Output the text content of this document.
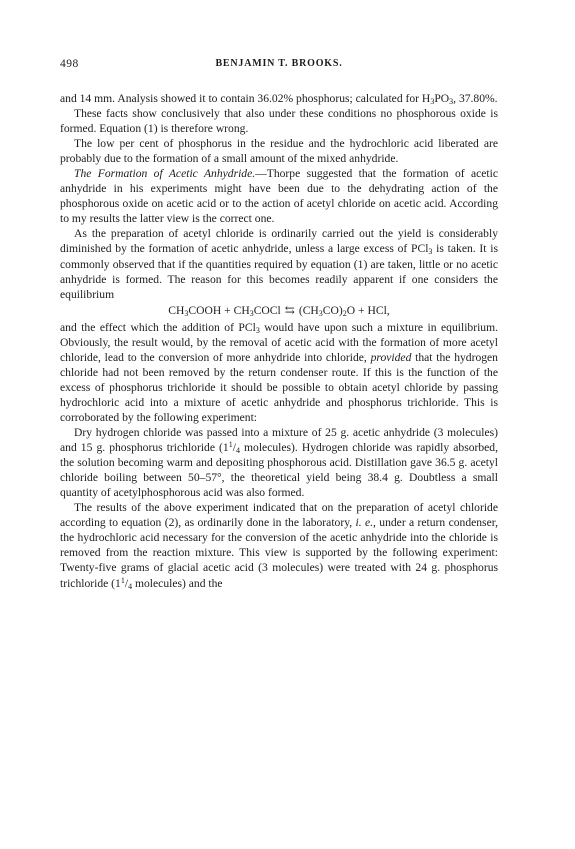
498	BENJAMIN T. BROOKS.

and 14 mm. Analysis showed it to contain 36.02% phosphorus; calculated for $H_3PO_3$, 37.80%.

These facts show conclusively that also under these conditions no phosphorous oxide is formed. Equation (1) is therefore wrong.

The low per cent of phosphorus in the residue and the hydrochloric acid liberated are probably due to the formation of a small amount of the mixed anhydride.

The Formation of Acetic Anhydride.—Thorpe suggested that the formation of acetic anhydride in his experiments might have been due to the dehydrating action of the phosphorous oxide on acetic acid or to the action of acetyl chloride on acetic acid. According to my results the latter view is the correct one.

As the preparation of acetyl chloride is ordinarily carried out the yield is considerably diminished by the formation of acetic anhydride, unless a large excess of PCl$_3$ is taken. It is commonly observed that if the quantities required by equation (1) are taken, little or no acetic anhydride is formed. The reason for this becomes readily apparent if one considers the equilibrium

$CH_3COOH$ + $CH_3COCl$ ⇆ $(CH_3CO)_2O$ + HCl,

and the effect which the addition of PCl$_3$ would have upon such a mixture in equilibrium. Obviously, the result would, by the removal of acetic acid with the formation of more acetyl chloride, lead to the conversion of more anhydride into chloride, provided that the hydrogen chloride had not been removed by the return condenser route. If this is the function of the excess of phosphorus trichloride it should be possible to obtain acetyl chloride by passing hydrochloric acid into a mixture of acetic anhydride and phosphorus trichloride. This is corroborated by the following experiment:

Dry hydrogen chloride was passed into a mixture of 25 g. acetic anhydride (3 molecules) and 15 g. phosphorus trichloride ($1^1/_4$ molecules). Hydrogen chloride was rapidly absorbed, the solution becoming warm and depositing phosphorous acid. Distillation gave 36.5 g. acetyl chloride boiling between 50–57°, the theoretical yield being 38.4 g. Doubtless a small quantity of acetylphosphorous acid was also formed.

The results of the above experiment indicated that on the preparation of acetyl chloride according to equation (2), as ordinarily done in the laboratory, i. e., under a return condenser, the hydrochloric acid necessary for the conversion of the acetic anhydride into the chloride is removed from the reaction mixture. This view is supported by the following experiment: Twenty-five grams of glacial acetic acid (3 molecules) were treated with 24 g. phosphorus trichloride ($1^1/_4$ molecules) and the
